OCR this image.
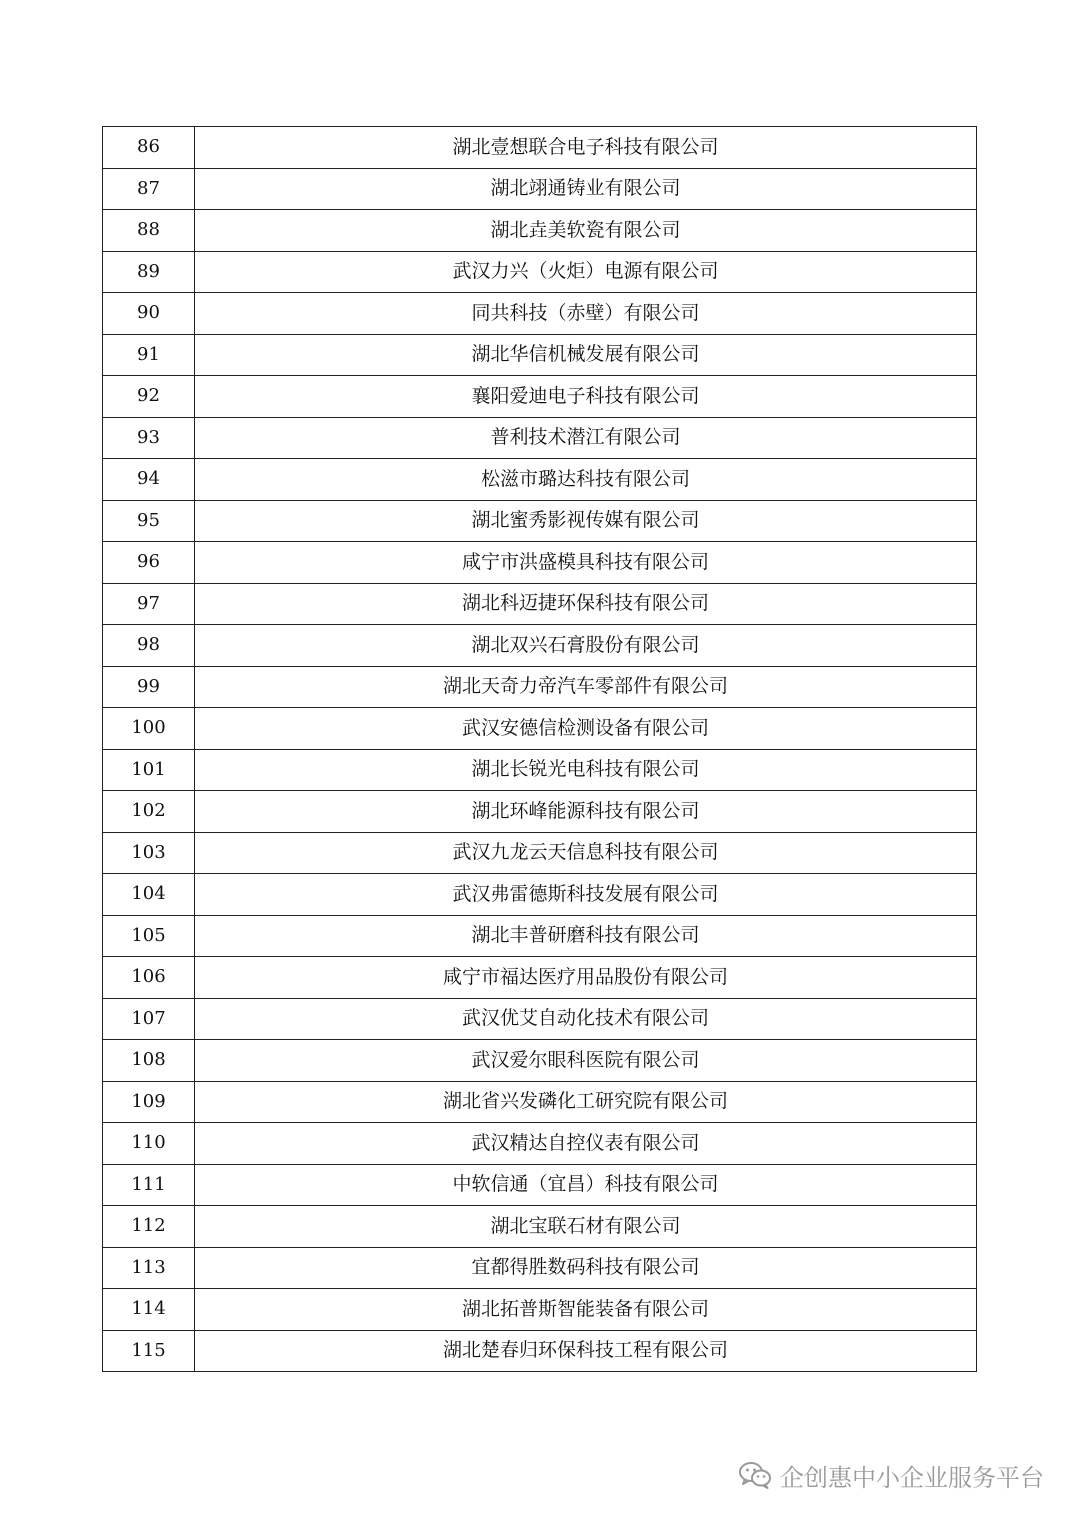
86	湖北壹想联合电子科技有限公司
87	湖北翊通铸业有限公司
88	湖北垚美软瓷有限公司
89	武汉力兴（火炬）电源有限公司
90	同共科技（赤壁）有限公司
91	湖北华信机械发展有限公司
92	襄阳爱迪电子科技有限公司
93	普利技术潜江有限公司
94	松滋市璐达科技有限公司
95	湖北蜜秀影视传媒有限公司
96	咸宁市洪盛模具科技有限公司
97	湖北科迈捷环保科技有限公司
98	湖北双兴石膏股份有限公司
99	湖北天奇力帝汽车零部件有限公司
100	武汉安德信检测设备有限公司
101	湖北长锐光电科技有限公司
102	湖北环峰能源科技有限公司
103	武汉九龙云天信息科技有限公司
104	武汉弗雷德斯科技发展有限公司
105	湖北丰普研磨科技有限公司
106	咸宁市福达医疗用品股份有限公司
107	武汉优艾自动化技术有限公司
108	武汉爱尔眼科医院有限公司
109	湖北省兴发磷化工研究院有限公司
110	武汉精达自控仪表有限公司
111	中软信通（宜昌）科技有限公司
112	湖北宝联石材有限公司
113	宜都得胜数码科技有限公司
114	湖北拓普斯智能装备有限公司
115	湖北楚春归环保科技工程有限公司
企创惠中小企业服务平台
